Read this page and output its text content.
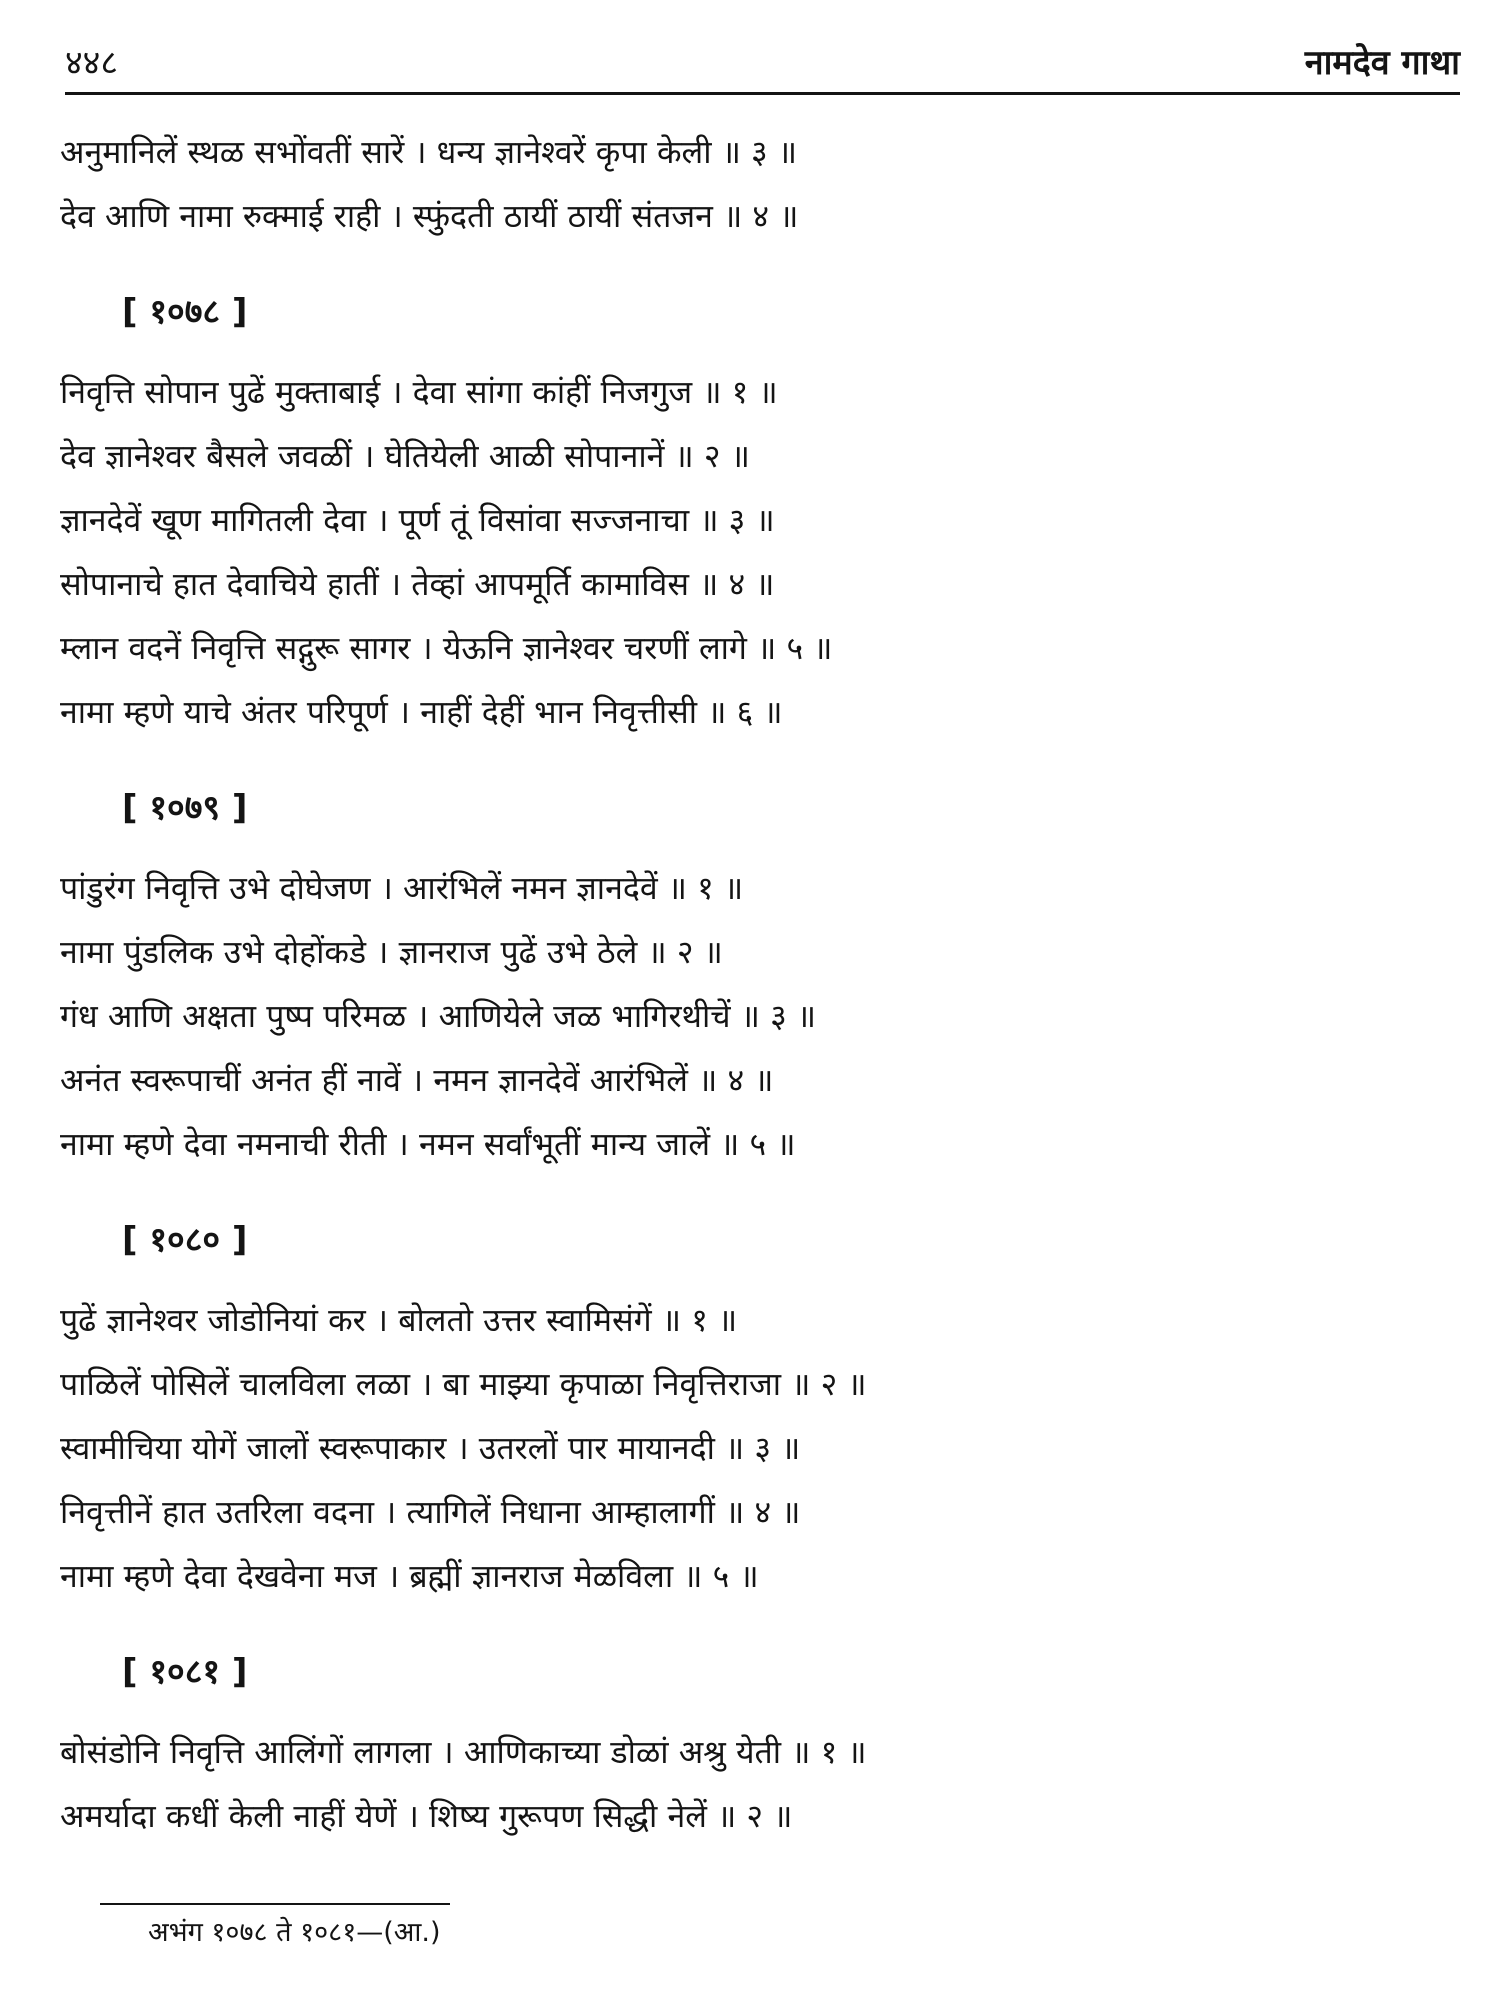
४४८	नामदेव गाथा
अनुमानिलें स्थळ सभोंवतीं सारें । धन्य ज्ञानेश्वरें कृपा केली ॥ ३ ॥
देव आणि नामा रुक्माई राही । स्फुंदती ठायीं ठायीं संतजन ॥ ४ ॥
[ १०७८ ]
निवृत्ति सोपान पुढें मुक्ताबाई । देवा सांगा कांहीं निजगुज ॥ १ ॥
देव ज्ञानेश्वर बैसले जवळीं । घेतियेली आळी सोपानानें ॥ २ ॥
ज्ञानदेवें खूण मागितली देवा । पूर्ण तूं विसांवा सज्जनाचा ॥ ३ ॥
सोपानाचे हात देवाचिये हातीं । तेव्हां आपमूर्ति कामाविस ॥ ४ ॥
म्लान वदनें निवृत्ति सद्गुरू सागर । येऊनि ज्ञानेश्वर चरणीं लागे ॥ ५ ॥
नामा म्हणे याचे अंतर परिपूर्ण । नाहीं देहीं भान निवृत्तीसी ॥ ६ ॥
[ १०७९ ]
पांडुरंग निवृत्ति उभे दोघेजण । आरंभिलें नमन ज्ञानदेवें ॥ १ ॥
नामा पुंडलिक उभे दोहोंकडे । ज्ञानराज पुढें उभे ठेले ॥ २ ॥
गंध आणि अक्षता पुष्प परिमळ । आणियेले जळ भागिरथीचें ॥ ३ ॥
अनंत स्वरूपाचीं अनंत हीं नावें । नमन ज्ञानदेवें आरंभिलें ॥ ४ ॥
नामा म्हणे देवा नमनाची रीती । नमन सर्वांभूतीं मान्य जालें ॥ ५ ॥
[ १०८० ]
पुढें ज्ञानेश्वर जोडोनियां कर । बोलतो उत्तर स्वामिसंगें ॥ १ ॥
पाळिलें पोसिलें चालविला लळा । बा माझ्या कृपाळा निवृत्तिराजा ॥ २ ॥
स्वामीचिया योगें जालों स्वरूपाकार । उतरलों पार मायानदी ॥ ३ ॥
निवृत्तीनें हात उतरिला वदना । त्यागिलें निधाना आम्हालागीं ॥ ४ ॥
नामा म्हणे देवा देखवेना मज । ब्रह्मीं ज्ञानराज मेळविला ॥ ५ ॥
[ १०८१ ]
बोसंडोनि निवृत्ति आलिंगों लागला । आणिकाच्या डोळां अश्रु येती ॥ १ ॥
अमर्यादा कधीं केली नाहीं येणें । शिष्य गुरूपण सिद्धी नेलें ॥ २ ॥
अभंग १०७८ ते १०८१—(आ.)
